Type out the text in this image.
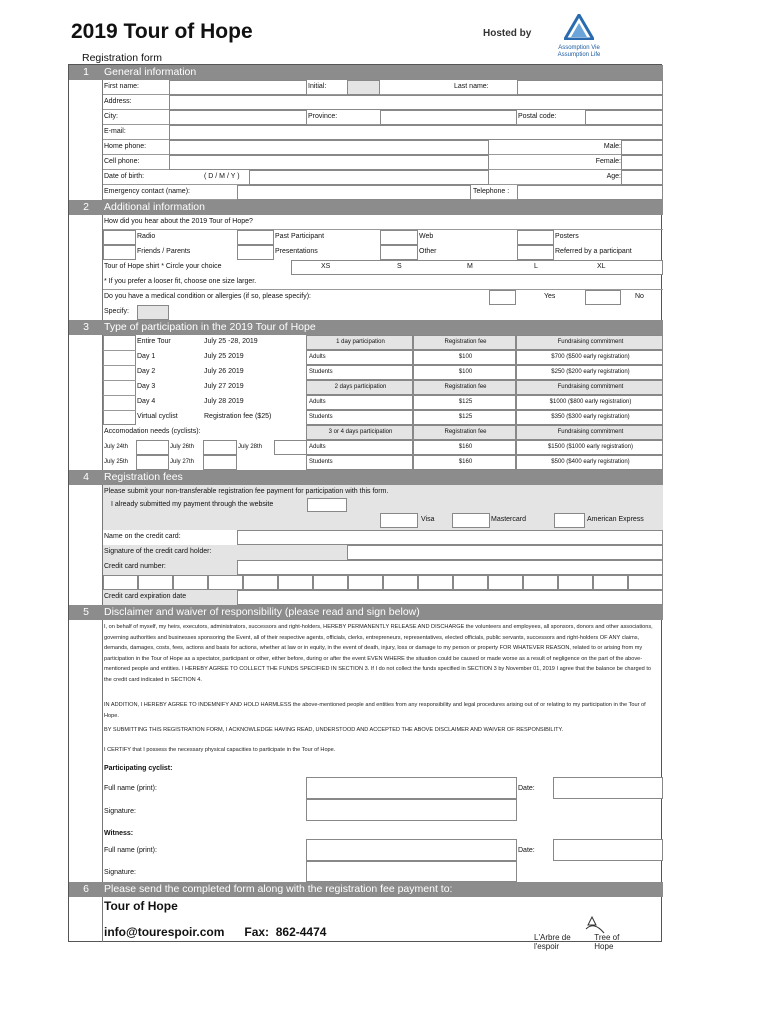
2019 Tour of Hope
Registration form
Hosted by
Assomption Vie
Assumption Life
1	General information
First name:	Initial:	Last name:
Address:
City:	Province:	Postal code:
E-mail:
Home phone:	Male:
Cell phone:	Female:
Date of birth:	( D / M / Y )	Age:
Emergency contact (name):	Telephone :
2	Additional information
How did you hear about the 2019 Tour of Hope?
Radio	Past Participant	Web	Posters
Friends / Parents	Presentations	Other	Referred by a participant
Tour of Hope shirt * Circle your choice	XS	S	M	L	XL
* If you prefer a looser fit, choose one size larger.
Do you have a medical condition or allergies (if so, please specify):	Yes	No
Specify:
3	Type of participation in the 2019 Tour of Hope
Entire Tour	July 25 -28, 2019
Day 1	July 25 2019
Day 2	July 26 2019
Day 3	July 27 2019
Day 4	July 28 2019
Virtual cyclist	Registration fee ($25)
Accomodation needs (cyclists):
July 24th	July 26th	July 28th
July 25th	July 27th
1 day participation	Registration fee	Fundraising commitment
Adults	$100	$700 ($500 early registration)
Students	$100	$250 ($200 early registration)
2 days participation	Registration fee	Fundraising commitment
Adults	$125	$1000 ($800 early registration)
Students	$125	$350 ($300 early registration)
3 or 4 days participation	Registration fee	Fundraising commitment
Adults	$160	$1500 ($1000 early registration)
Students	$160	$500 ($400 early registration)
4	Registration fees
Please submit your non-transferable registration fee payment for participation with this form.
I already submitted my payment through the website
Visa	Mastercard	American Express
Name on the credit card:
Signature of the credit card holder:
Credit card number:
Credit card expiration date
5	Disclaimer and waiver of responsibility (please read and sign below)
I, on behalf of myself, my heirs, executors, administrators, successors and right-holders, HEREBY PERMANENTLY RELEASE AND DISCHARGE the volunteers and employees, all sponsors, donors and other associations, governing authorities and businesses sponsoring the Event, all of their respective agents, officials, clerks, entrepreneurs, representatives, elected officials, public servants, successors and right-holders OF ANY claims, demands, damages, costs, fees, actions and basis for actions, whether at law or in equity, in the event of death, injury, loss or damage to my person or property FOR WHATEVER REASON, related to or arising from my participation in the Tour of Hope as a spectator, participant or other, either before, during or after the event EVEN WHERE the situation could be caused or made worse as a result of negligence on the part of the above-mentioned people and entities. I HEREBY AGREE TO COLLECT THE FUNDS SPECIFIED IN SECTION 3. If I do not collect the funds specified in SECTION 3 by November 01, 2019 I agree that the balance be charged to the credit card indicated in SECTION 4.
IN ADDITION, I HEREBY AGREE TO INDEMNIFY AND HOLD HARMLESS the above-mentioned people and entities from any responsibility and legal procedures arising out of or relating to my participation in the Tour of Hope.
BY SUBMITTING THIS REGISTRATION FORM, I ACKNOWLEDGE HAVING READ, UNDERSTOOD AND ACCEPTED THE ABOVE DISCLAIMER AND WAIVER OF RESPONSIBILITY.
I CERTIFY that I possess the necessary physical capacities to participate in the Tour of Hope.
Participating cyclist:
Full name (print):	Date:
Signature:
Witness:
Full name (print):	Date:
Signature:
6	Please send the completed form along with the registration fee payment to:
Tour of Hope
info@tourespoir.com      Fax:  862-4474	L'Arbre de l'espoir
Tree of Hope
